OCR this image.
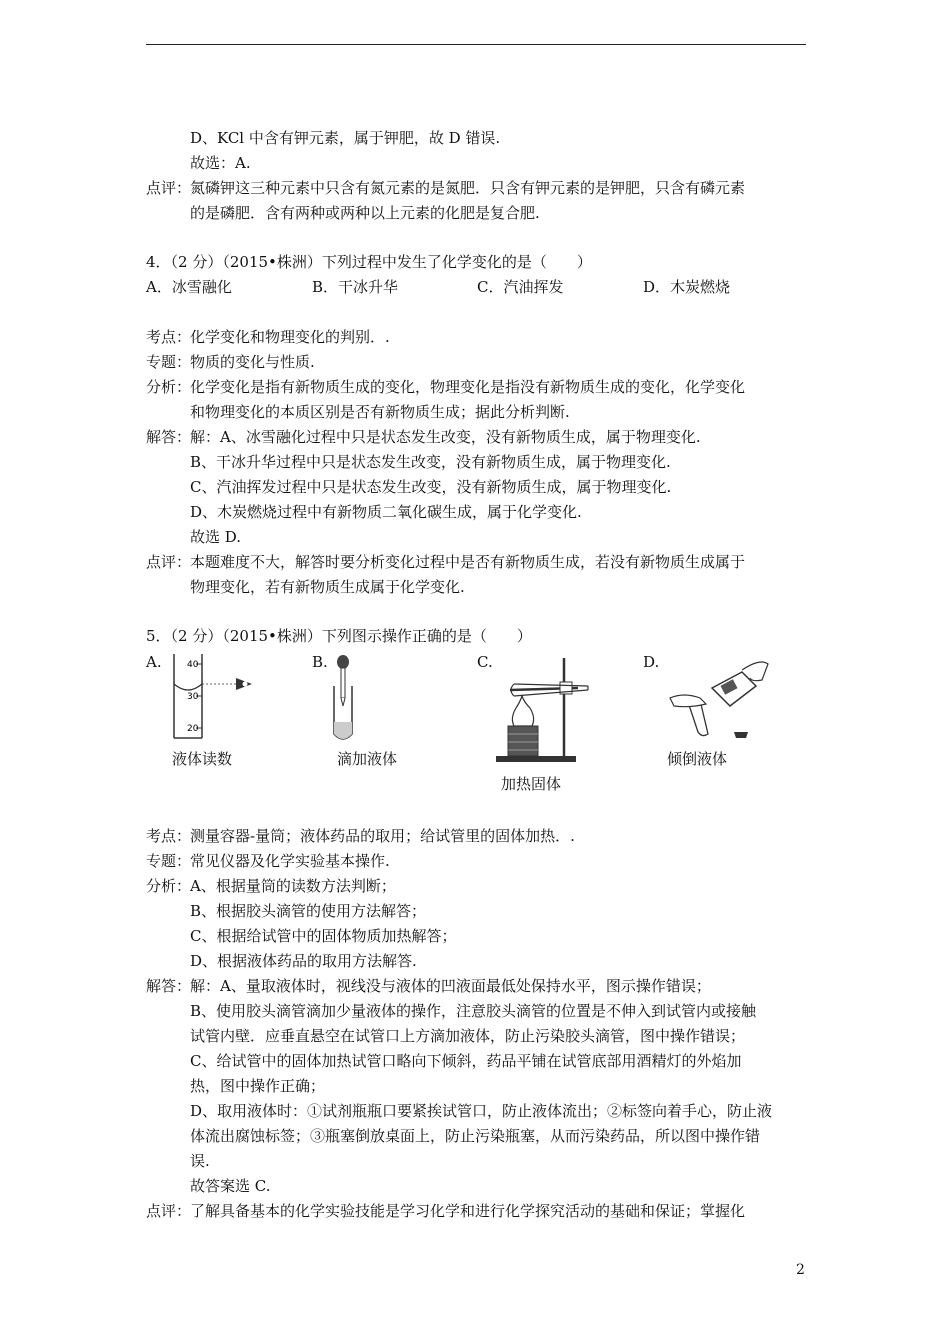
D、KCl 中含有钾元素，属于钾肥，故 D 错误.
故选：A.
点评：氮磷钾这三种元素中只含有氮元素的是氮肥．只含有钾元素的是钾肥，只含有磷元素
的是磷肥．含有两种或两种以上元素的化肥是复合肥.
4．（2 分）（2015•株洲）下列过程中发生了化学变化的是（　　）
A．冰雪融化	B．干冰升华	C．汽油挥发	D．木炭燃烧
考点：化学变化和物理变化的判别．.
专题：物质的变化与性质.
分析：化学变化是指有新物质生成的变化，物理变化是指没有新物质生成的变化，化学变化
和物理变化的本质区别是否有新物质生成；据此分析判断.
解答：解：A、冰雪融化过程中只是状态发生改变，没有新物质生成，属于物理变化.
B、干冰升华过程中只是状态发生改变，没有新物质生成，属于物理变化.
C、汽油挥发过程中只是状态发生改变，没有新物质生成，属于物理变化.
D、木炭燃烧过程中有新物质二氧化碳生成，属于化学变化.
故选 D.
点评：本题难度不大，解答时要分析变化过程中是否有新物质生成，若没有新物质生成属于
物理变化，若有新物质生成属于化学变化.
5．（2 分）（2015•株洲）下列图示操作正确的是（　　）
A.	B.	C.	D.
40
30
20
液体读数	滴加液体
加热固体
倾倒液体
考点：测量容器-量筒；液体药品的取用；给试管里的固体加热．.
专题：常见仪器及化学实验基本操作.
分析：A、根据量筒的读数方法判断；
B、根据胶头滴管的使用方法解答；
C、根据给试管中的固体物质加热解答；
D、根据液体药品的取用方法解答.
解答：解：A、量取液体时，视线没与液体的凹液面最低处保持水平，图示操作错误；
B、使用胶头滴管滴加少量液体的操作，注意胶头滴管的位置是不伸入到试管内或接触
试管内壁．应垂直悬空在试管口上方滴加液体，防止污染胶头滴管，图中操作错误；
C、给试管中的固体加热试管口略向下倾斜，药品平铺在试管底部用酒精灯的外焰加
热，图中操作正确；
D、取用液体时：①试剂瓶瓶口要紧挨试管口，防止液体流出；②标签向着手心，防止液
体流出腐蚀标签；③瓶塞倒放桌面上，防止污染瓶塞，从而污染药品，所以图中操作错
误.
故答案选 C.
点评：了解具备基本的化学实验技能是学习化学和进行化学探究活动的基础和保证；掌握化
2
